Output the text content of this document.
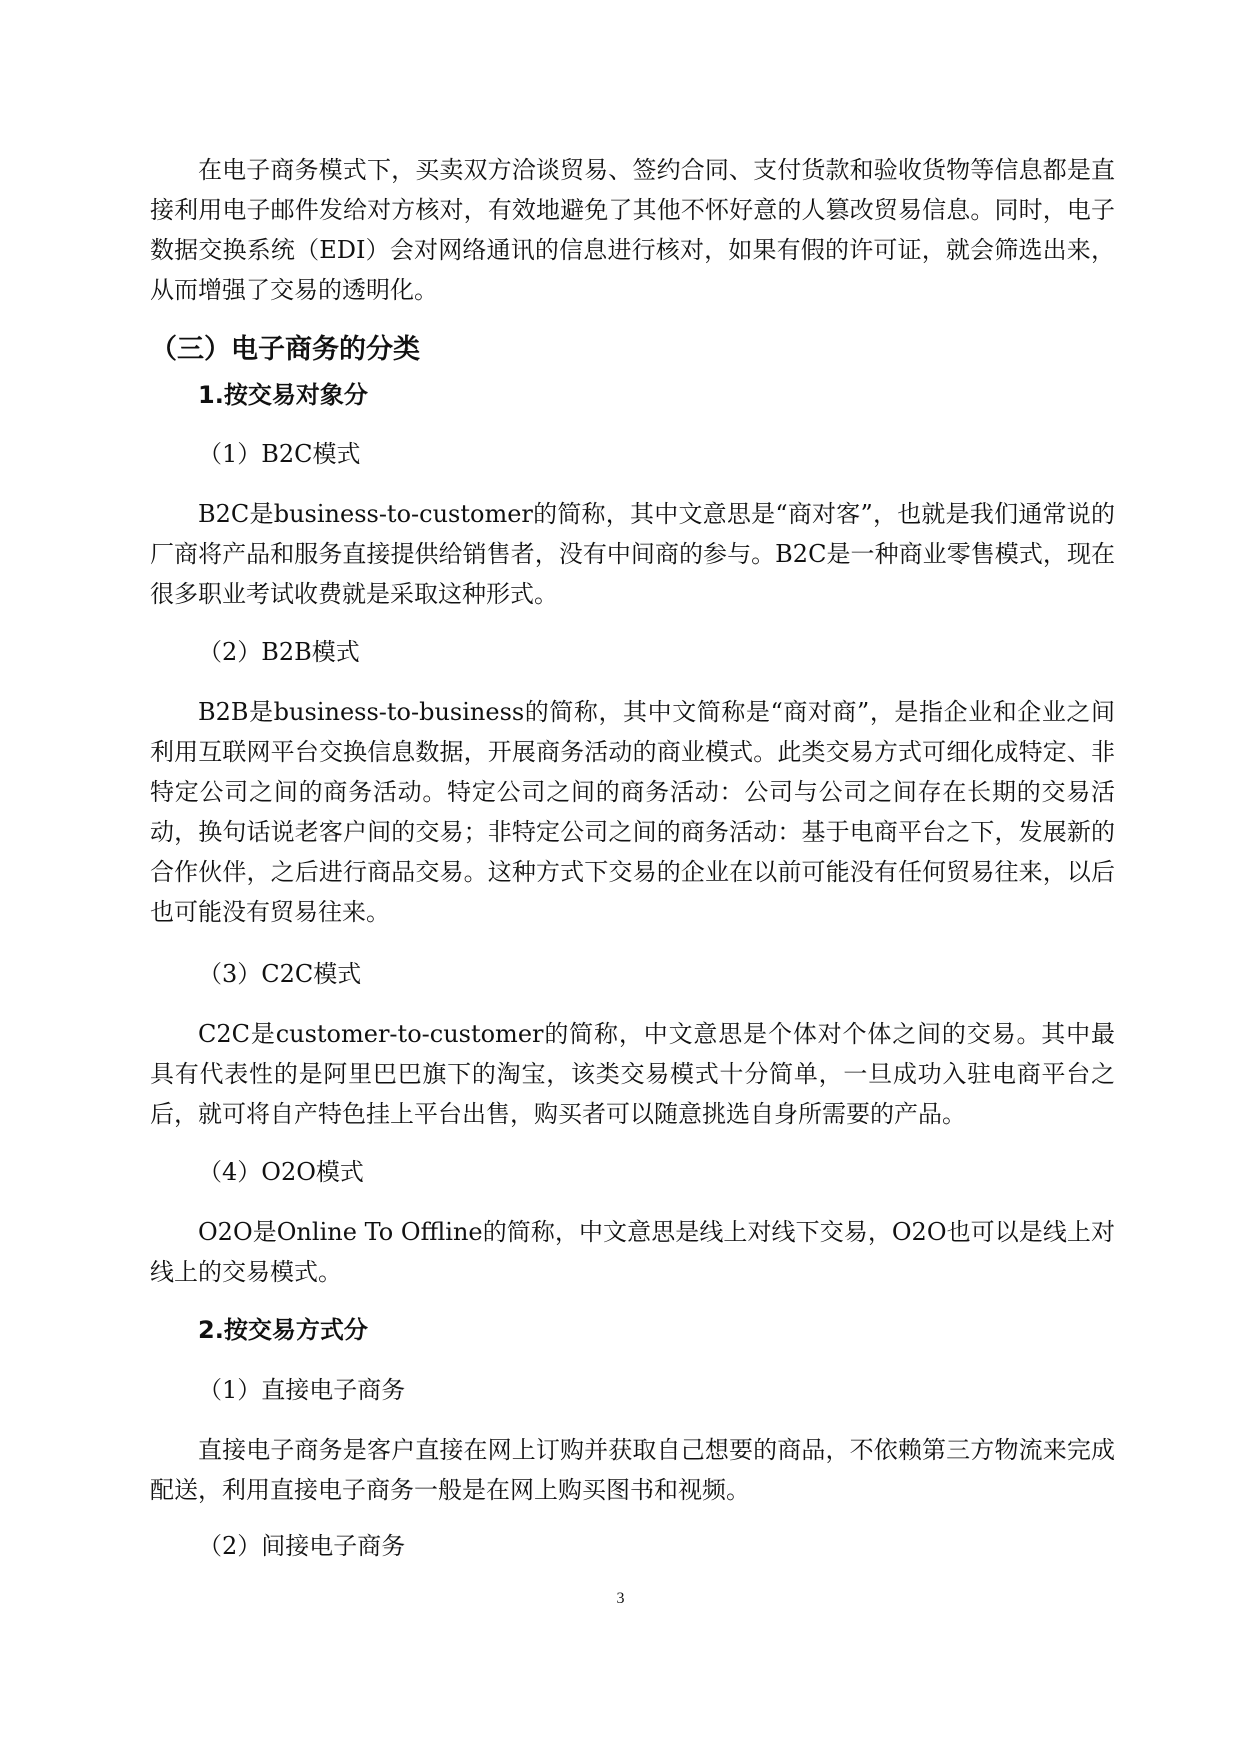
在电子商务模式下，买卖双方洽谈贸易、签约合同、支付货款和验收货物等信息都是直接利用电子邮件发给对方核对，有效地避免了其他不怀好意的人篡改贸易信息。同时，电子数据交换系统（EDI）会对网络通讯的信息进行核对，如果有假的许可证，就会筛选出来，从而增强了交易的透明化。

（三）电子商务的分类
1.按交易对象分

（1）B2C模式

B2C是business-to-customer的简称，其中文意思是“商对客”，也就是我们通常说的厂商将产品和服务直接提供给销售者，没有中间商的参与。B2C是一种商业零售模式，现在很多职业考试收费就是采取这种形式。

（2）B2B模式

B2B是business-to-business的简称，其中文简称是“商对商”，是指企业和企业之间利用互联网平台交换信息数据，开展商务活动的商业模式。此类交易方式可细化成特定、非特定公司之间的商务活动。特定公司之间的商务活动：公司与公司之间存在长期的交易活动，换句话说老客户间的交易；非特定公司之间的商务活动：基于电商平台之下，发展新的合作伙伴，之后进行商品交易。这种方式下交易的企业在以前可能没有任何贸易往来，以后也可能没有贸易往来。

（3）C2C模式

C2C是customer-to-customer的简称，中文意思是个体对个体之间的交易。其中最具有代表性的是阿里巴巴旗下的淘宝，该类交易模式十分简单，一旦成功入驻电商平台之后，就可将自产特色挂上平台出售，购买者可以随意挑选自身所需要的产品。

（4）O2O模式

O2O是Online To Offline的简称，中文意思是线上对线下交易，O2O也可以是线上对线上的交易模式。

2.按交易方式分

（1）直接电子商务

直接电子商务是客户直接在网上订购并获取自己想要的商品，不依赖第三方物流来完成配送，利用直接电子商务一般是在网上购买图书和视频。

（2）间接电子商务

3
